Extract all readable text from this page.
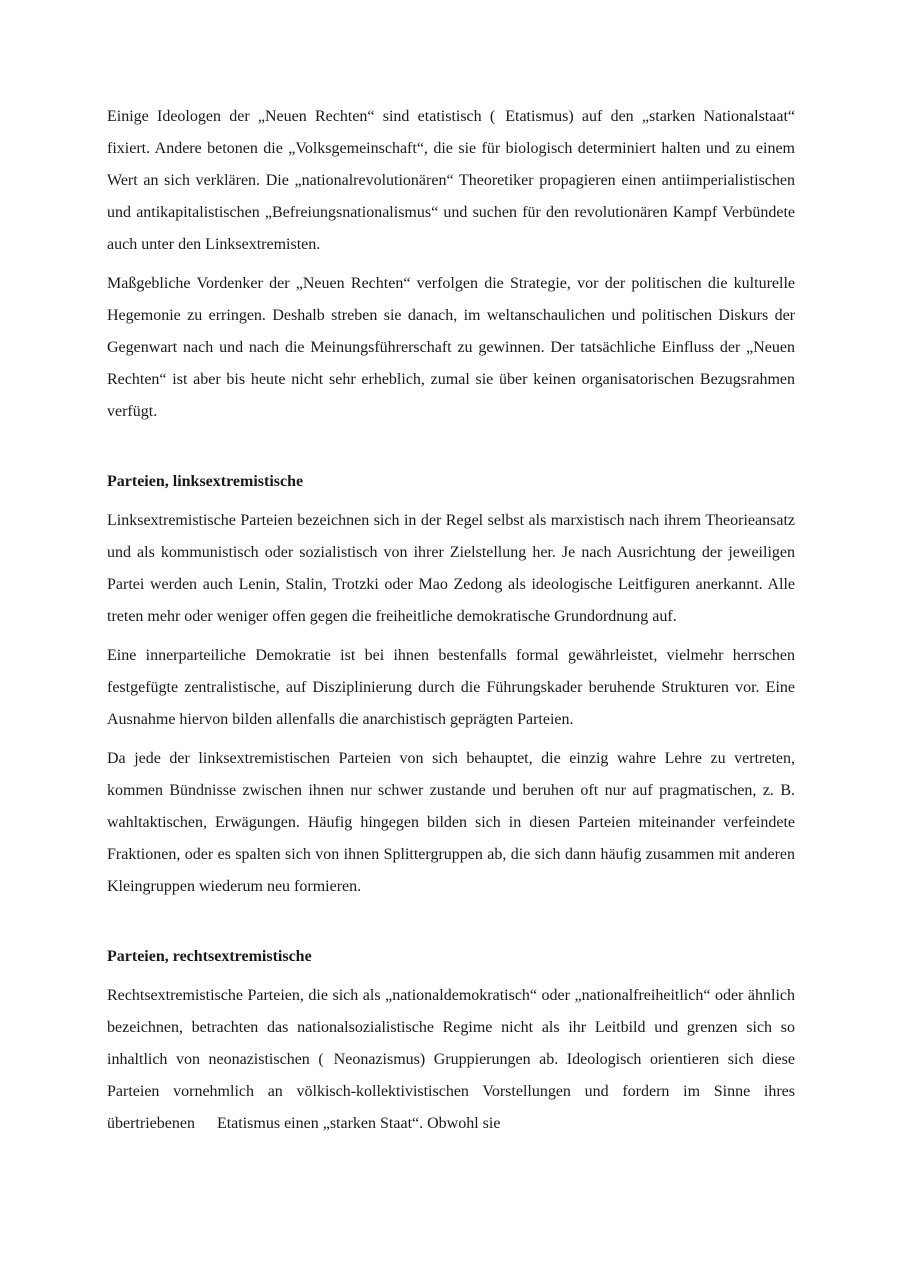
Einige Ideologen der „Neuen Rechten“ sind etatistisch ( Etatismus) auf den „starken Nationalstaat“ fixiert. Andere betonen die „Volksgemeinschaft“, die sie für biologisch determiniert halten und zu einem Wert an sich verklären. Die „nationalrevolutionären“ Theoretiker propagieren einen antiimperialistischen und antikapitalistischen „Befreiungsnationalismus“ und suchen für den revolutionären Kampf Verbündete auch unter den Linksextremisten.

Maßgebliche Vordenker der „Neuen Rechten“ verfolgen die Strategie, vor der politischen die kulturelle Hegemonie zu erringen. Deshalb streben sie danach, im weltanschaulichen und politischen Diskurs der Gegenwart nach und nach die Meinungsführerschaft zu gewinnen. Der tatsächliche Einfluss der „Neuen Rechten“ ist aber bis heute nicht sehr erheblich, zumal sie über keinen organisatorischen Bezugsrahmen verfügt.

Parteien, linksextremistische

Linksextremistische Parteien bezeichnen sich in der Regel selbst als marxistisch nach ihrem Theorieansatz und als kommunistisch oder sozialistisch von ihrer Zielstellung her. Je nach Ausrichtung der jeweiligen Partei werden auch Lenin, Stalin, Trotzki oder Mao Zedong als ideologische Leitfiguren anerkannt. Alle treten mehr oder weniger offen gegen die freiheitliche demokratische Grundordnung auf.

Eine innerparteiliche Demokratie ist bei ihnen bestenfalls formal gewährleistet, vielmehr herrschen festgefügte zentralistische, auf Disziplinierung durch die Führungskader beruhende Strukturen vor. Eine Ausnahme hiervon bilden allenfalls die anarchistisch geprägten Parteien.

Da jede der linksextremistischen Parteien von sich behauptet, die einzig wahre Lehre zu vertreten, kommen Bündnisse zwischen ihnen nur schwer zustande und beruhen oft nur auf pragmatischen, z. B. wahltaktischen, Erwägungen. Häufig hingegen bilden sich in diesen Parteien miteinander verfeindete Fraktionen, oder es spalten sich von ihnen Splittergruppen ab, die sich dann häufig zusammen mit anderen Kleingruppen wiederum neu formieren.

Parteien, rechtsextremistische

Rechtsextremistische Parteien, die sich als „nationaldemokratisch“ oder „nationalfreiheitlich“ oder ähnlich bezeichnen, betrachten das nationalsozialistische Regime nicht als ihr Leitbild und grenzen sich so inhaltlich von neonazistischen ( Neonazismus) Gruppierungen ab. Ideologisch orientieren sich diese Parteien vornehmlich an völkisch-kollektivistischen Vorstellungen und fordern im Sinne ihres übertriebenen Etatismus einen „starken Staat“. Obwohl sie
